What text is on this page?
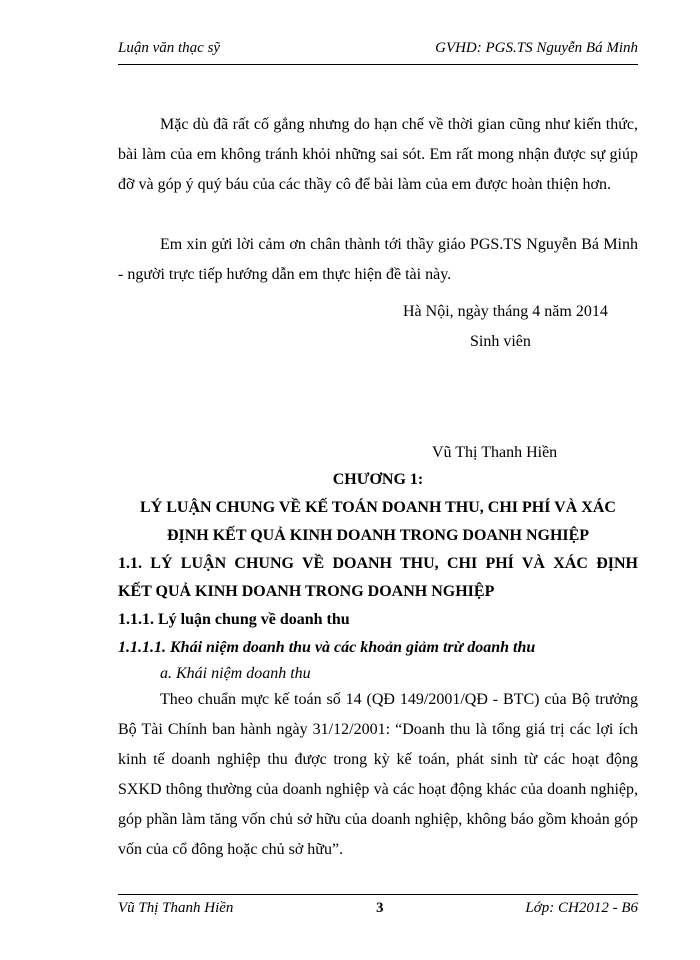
Luận văn thạc sỹ	GVHD: PGS.TS Nguyễn Bá Minh
Mặc dù đã rất cố gắng nhưng do hạn chế về thời gian cũng như kiến thức, bài làm của em không tránh khỏi những sai sót. Em rất mong nhận được sự giúp đỡ và góp ý quý báu của các thầy cô để bài làm của em được hoàn thiện hơn.
Em xin gửi lời cảm ơn chân thành tới thầy giáo PGS.TS Nguyễn Bá Minh - người trực tiếp hướng dẫn em thực hiện đề tài này.
Hà Nội, ngày tháng 4 năm 2014
Sinh viên
Vũ Thị Thanh Hiền
CHƯƠNG 1:
LÝ LUẬN CHUNG VỀ KẾ TOÁN DOANH THU, CHI PHÍ VÀ XÁC
ĐỊNH KẾT QUẢ KINH DOANH TRONG DOANH NGHIỆP
1.1. LÝ LUẬN CHUNG VỀ DOANH THU, CHI PHÍ VÀ XÁC ĐỊNH
KẾT QUẢ KINH DOANH TRONG DOANH NGHIỆP
1.1.1. Lý luận chung về doanh thu
1.1.1.1. Khái niệm doanh thu và các khoản giảm trừ doanh thu
a. Khái niệm doanh thu
Theo chuẩn mực kế toán số 14 (QĐ 149/2001/QĐ - BTC) của Bộ trưởng Bộ Tài Chính ban hành ngày 31/12/2001: “Doanh thu là tổng giá trị các lợi ích kinh tế doanh nghiệp thu được trong kỳ kế toán, phát sinh từ các hoạt động SXKD thông thường của doanh nghiệp và các hoạt động khác của doanh nghiệp, góp phần làm tăng vốn chủ sở hữu của doanh nghiệp, không báo gồm khoản góp vốn của cổ đông hoặc chủ sở hữu”.
Vũ Thị Thanh Hiền	3	Lớp: CH2012 - B6
